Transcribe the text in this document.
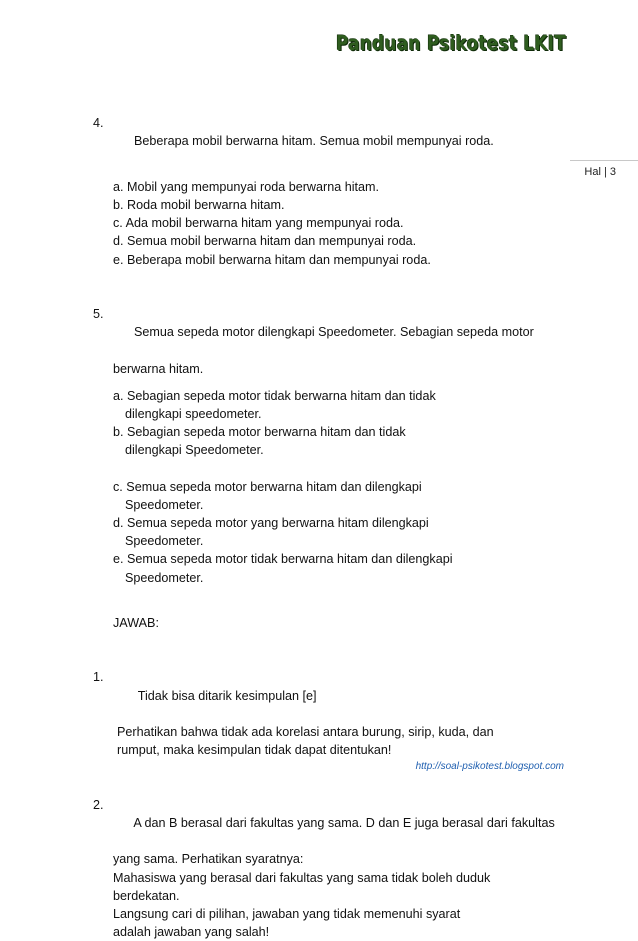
Panduan Psikotest LKIT
Hal | 3

4.

Beberapa mobil berwarna hitam. Semua mobil mempunyai roda.

a. Mobil yang mempunyai roda berwarna hitam.
b. Roda mobil berwarna hitam.
c. Ada mobil berwarna hitam yang mempunyai roda.
d. Semua mobil berwarna hitam dan mempunyai roda.
e. Beberapa mobil berwarna hitam dan mempunyai roda.

5.

Semua sepeda motor dilengkapi Speedometer. Sebagian sepeda motor

berwarna hitam.
a. Sebagian sepeda motor tidak berwarna hitam dan tidak
dilengkapi speedometer.
b. Sebagian sepeda motor berwarna hitam dan tidak
dilengkapi Speedometer.
c. Semua sepeda motor berwarna hitam dan dilengkapi
Speedometer.
d. Semua sepeda motor yang berwarna hitam dilengkapi
Speedometer.
e. Semua sepeda motor tidak berwarna hitam dan dilengkapi
Speedometer.
JAWAB:

1.

Tidak bisa ditarik kesimpulan [e]

Perhatikan bahwa tidak ada korelasi antara burung, sirip, kuda, dan
rumput, maka kesimpulan tidak dapat ditentukan!

2.

A dan B berasal dari fakultas yang sama. D dan E juga berasal dari fakultas

yang sama. Perhatikan syaratnya:
Mahasiswa yang berasal dari fakultas yang sama tidak boleh duduk
berdekatan.
Langsung cari di pilihan, jawaban yang tidak memenuhi syarat
adalah jawaban yang salah!
http://soal-psikotest.blogspot.com
